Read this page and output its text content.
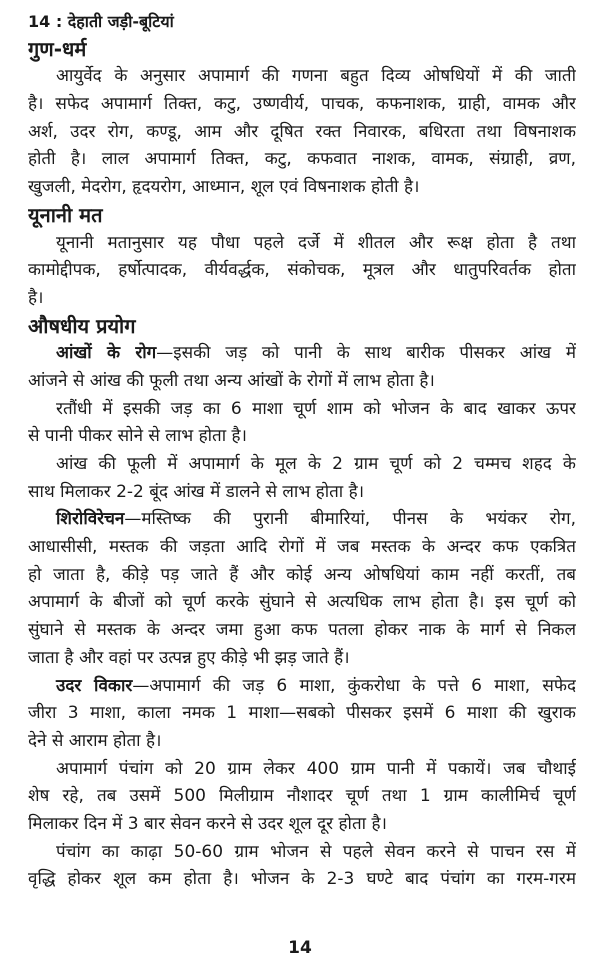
14 : देहाती जड़ी-बूटियां
गुण-धर्म
आयुर्वेद के अनुसार अपामार्ग की गणना बहुत दिव्य ओषधियों में की जाती
है। सफेद अपामार्ग तिक्त, कटु, उष्णवीर्य, पाचक, कफनाशक, ग्राही, वामक और
अर्श, उदर रोग, कण्डू, आम और दूषित रक्त निवारक, बधिरता तथा विषनाशक
होती है। लाल अपामार्ग तिक्त, कटु, कफवात नाशक, वामक, संग्राही, व्रण,
खुजली, मेदरोग, हृदयरोग, आध्मान, शूल एवं विषनाशक होती है।
यूनानी मत
यूनानी मतानुसार यह पौधा पहले दर्जे में शीतल और रूक्ष होता है तथा
कामोद्दीपक, हर्षोत्पादक, वीर्यवर्द्धक, संकोचक, मूत्रल और धातुपरिवर्तक होता
है।
औषधीय प्रयोग
आंखों के रोग—इसकी जड़ को पानी के साथ बारीक पीसकर आंख में
आंजने से आंख की फूली तथा अन्य आंखों के रोगों में लाभ होता है।
रतौंधी में इसकी जड़ का 6 माशा चूर्ण शाम को भोजन के बाद खाकर ऊपर
से पानी पीकर सोने से लाभ होता है।
आंख की फूली में अपामार्ग के मूल के 2 ग्राम चूर्ण को 2 चम्मच शहद के
साथ मिलाकर 2-2 बूंद आंख में डालने से लाभ होता है।
शिरोविरेचन—मस्तिष्क की पुरानी बीमारियां, पीनस के भयंकर रोग,
आधासीसी, मस्तक की जड़ता आदि रोगों में जब मस्तक के अन्दर कफ एकत्रित
हो जाता है, कीड़े पड़ जाते हैं और कोई अन्य ओषधियां काम नहीं करतीं, तब
अपामार्ग के बीजों को चूर्ण करके सुंघाने से अत्यधिक लाभ होता है। इस चूर्ण को
सुंघाने से मस्तक के अन्दर जमा हुआ कफ पतला होकर नाक के मार्ग से निकल
जाता है और वहां पर उत्पन्न हुए कीड़े भी झड़ जाते हैं।
उदर विकार—अपामार्ग की जड़ 6 माशा, कुंकरोधा के पत्ते 6 माशा, सफेद
जीरा 3 माशा, काला नमक 1 माशा—सबको पीसकर इसमें 6 माशा की खुराक
देने से आराम होता है।
अपामार्ग पंचांग को 20 ग्राम लेकर 400 ग्राम पानी में पकायें। जब चौथाई
शेष रहे, तब उसमें 500 मिलीग्राम नौशादर चूर्ण तथा 1 ग्राम कालीमिर्च चूर्ण
मिलाकर दिन में 3 बार सेवन करने से उदर शूल दूर होता है।
पंचांग का काढ़ा 50-60 ग्राम भोजन से पहले सेवन करने से पाचन रस में
वृद्धि होकर शूल कम होता है। भोजन के 2-3 घण्टे बाद पंचांग का गरम-गरम
14
